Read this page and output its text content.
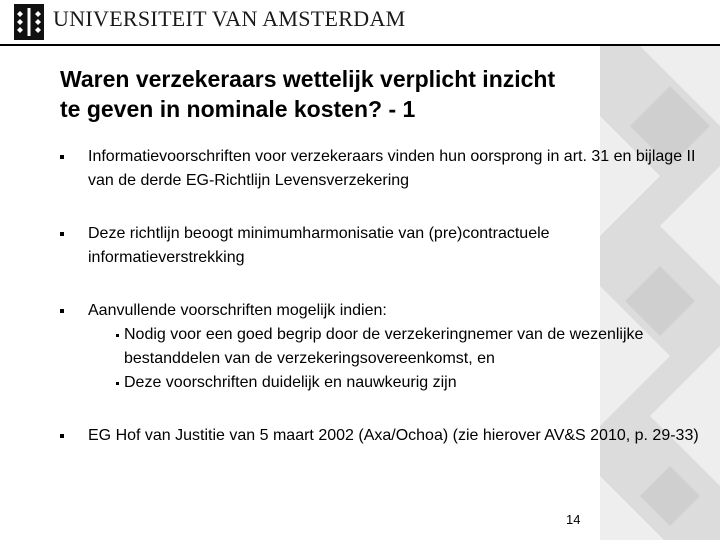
UNIVERSITEIT VAN AMSTERDAM
Waren verzekeraars wettelijk verplicht inzicht te geven in nominale kosten? - 1
Informatievoorschriften voor verzekeraars vinden hun oorsprong in art. 31 en bijlage II van de derde EG-Richtlijn Levensverzekering
Deze richtlijn beoogt minimumharmonisatie van (pre)contractuele informatieverstrekking
Aanvullende voorschriften mogelijk indien:
Nodig voor een goed begrip door de verzekeringnemer van de wezenlijke bestanddelen van de verzekeringsovereenkomst, en
Deze voorschriften duidelijk en nauwkeurig zijn
EG Hof van Justitie van 5 maart 2002 (Axa/Ochoa) (zie hierover AV&S 2010, p. 29-33)
14
